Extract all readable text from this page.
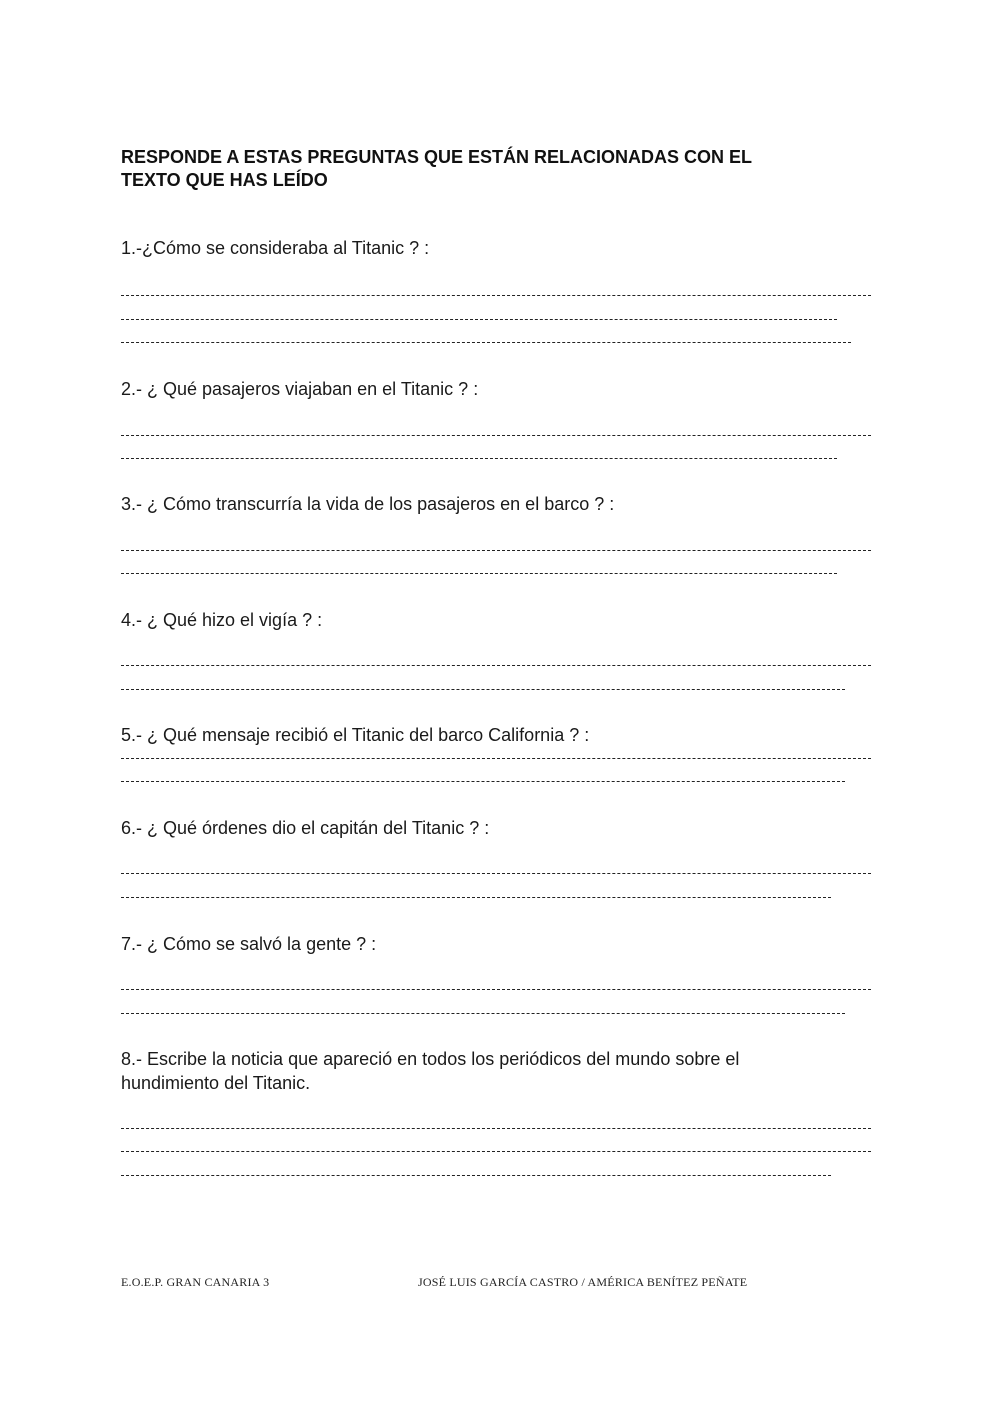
RESPONDE A ESTAS PREGUNTAS QUE ESTÁN RELACIONADAS CON EL
TEXTO QUE HAS LEÍDO
1.-¿Cómo se consideraba al Titanic ? :
2.- ¿ Qué pasajeros viajaban en el Titanic ? :
3.- ¿ Cómo transcurría la vida de los pasajeros en el barco ? :
4.- ¿ Qué hizo el vigía ? :
5.- ¿ Qué mensaje recibió el Titanic del barco California ? :
6.- ¿ Qué órdenes dio el capitán del Titanic ? :
7.- ¿ Cómo se salvó la gente ? :
8.- Escribe la noticia que apareció en todos los periódicos del mundo sobre el
hundimiento del Titanic.
E.O.E.P. GRAN CANARIA 3	JOSÉ LUIS GARCÍA CASTRO / AMÉRICA BENÍTEZ PEÑATE
